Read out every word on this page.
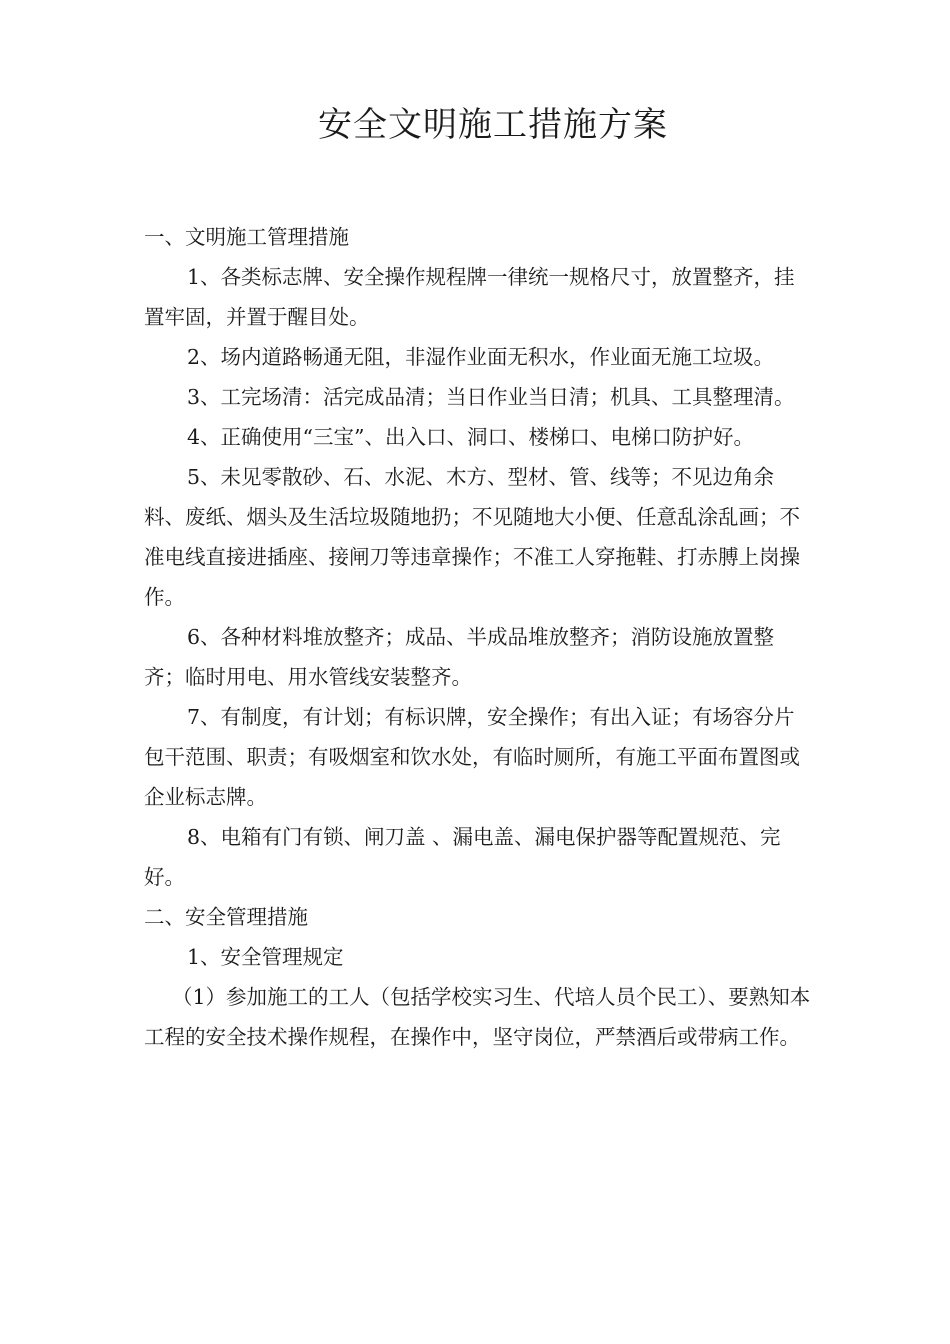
安全文明施工措施方案

一、文明施工管理措施

1、各类标志牌、安全操作规程牌一律统一规格尺寸，放置整齐，挂

置牢固，并置于醒目处。

2、场内道路畅通无阻，非湿作业面无积水，作业面无施工垃圾。

3、工完场清：活完成品清；当日作业当日清；机具、工具整理清。

4、正确使用“三宝”、出入口、洞口、楼梯口、电梯口防护好。

5、未见零散砂、石、水泥、木方、型材、管、线等；不见边角余料、废纸、烟头及生活垃圾随地扔；不见随地大小便、任意乱涂乱画；不准电线直接进插座、接闸刀等违章操作；不准工人穿拖鞋、打赤膊上岗操作。

6、各种材料堆放整齐；成品、半成品堆放整齐；消防设施放置整齐；临时用电、用水管线安装整齐。

7、有制度，有计划；有标识牌，安全操作；有出入证；有场容分片包干范围、职责；有吸烟室和饮水处，有临时厕所，有施工平面布置图或企业标志牌。

8、电箱有门有锁、闸刀盖 、漏电盖、漏电保护器等配置规范、完好。

二、安全管理措施

1、安全管理规定

（1）参加施工的工人（包括学校实习生、代培人员个民工）、要熟知本工程的安全技术操作规程，在操作中，坚守岗位，严禁酒后或带病工作。
